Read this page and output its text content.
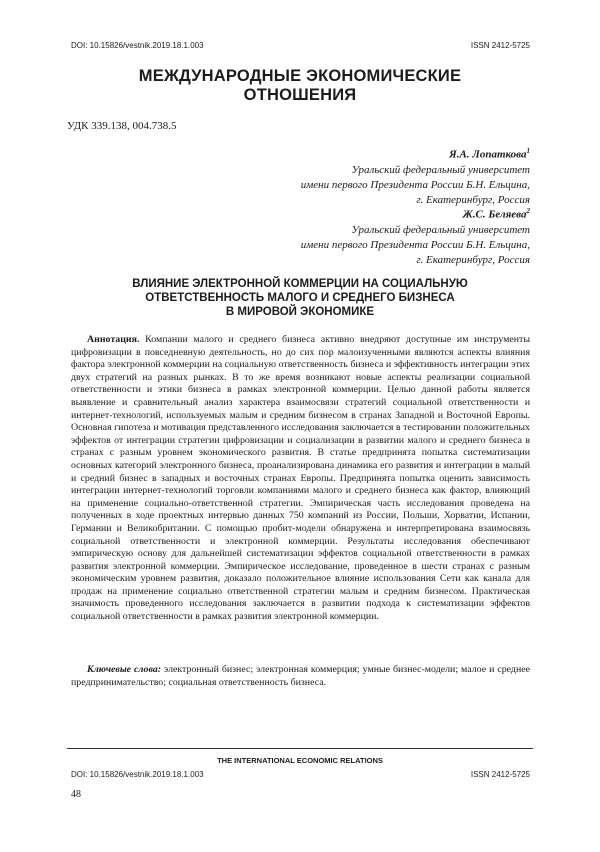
DOI: 10.15826/vestnik.2019.18.1.003	ISSN 2412-5725
МЕЖДУНАРОДНЫЕ ЭКОНОМИЧЕСКИЕ
ОТНОШЕНИЯ
УДК 339.138, 004.738.5
Я.А. Лопаткова1
Уральский федеральный университет
имени первого Президента России Б.Н. Ельцина,
г. Екатеринбург, Россия
Ж.С. Беляева2
Уральский федеральный университет
имени первого Президента России Б.Н. Ельцина,
г. Екатеринбург, Россия
ВЛИЯНИЕ ЭЛЕКТРОННОЙ КОММЕРЦИИ НА СОЦИАЛЬНУЮ
ОТВЕТСТВЕННОСТЬ МАЛОГО И СРЕДНЕГО БИЗНЕСА
В МИРОВОЙ ЭКОНОМИКЕ

Аннотация. Компании малого и среднего бизнеса активно внедряют доступные им инструменты цифровизации в повседневную деятельность, но до сих пор малоизученными являются аспекты влияния фактора электронной коммерции на социальную ответственность бизнеса и эффективность интеграции этих двух стратегий на разных рынках. В то же время возникают новые аспекты реализации социальной ответственности и этики бизнеса в рамках электронной коммерции. Целью данной работы является выявление и сравнительный анализ характера взаимосвязи стратегий социальной ответственности и интернет-технологий, используемых малым и средним бизнесом в странах Западной и Восточной Европы. Основная гипотеза и мотивация представленного исследования заключается в тестировании положительных эффектов от интеграции стратегии цифровизации и социализации в развитии малого и среднего бизнеса в странах с разным уровнем экономического развития. В статье предпринята попытка систематизации основных категорий электронного бизнеса, проанализирована динамика его развития и интеграции в малый и средний бизнес в западных и восточных странах Европы. Предпринята попытка оценить зависимость интеграции интернет-технологий торговли компаниями малого и среднего бизнеса как фактор, влияющий на применение социально-ответственной стратегии. Эмпирическая часть исследования проведена на полученных в ходе проектных интервью данных 750 компаний из России, Польши, Хорватии, Испании, Германии и Великобритании. С помощью пробит-модели обнаружена и интерпретирована взаимосвязь социальной ответственности и электронной коммерции. Результаты исследования обеспечивают эмпирическую основу для дальнейшей систематизации эффектов социальной ответственности в рамках развития электронной коммерции. Эмпирическое исследование, проведенное в шести странах с разным экономическим уровнем развития, доказало положительное влияние использования Сети как канала для продаж на применение социально ответственной стратегии малым и средним бизнесом. Практическая значимость проведенного исследования заключается в развитии подхода к систематизации эффектов социальной ответственности в рамках развития электронной коммерции.

Ключевые слова: электронный бизнес; электронная коммерция; умные бизнес-модели; малое и среднее предпринимательство; социальная ответственность бизнеса.

THE INTERNATIONAL ECONOMIC RELATIONS
DOI: 10.15826/vestnik.2019.18.1.003	ISSN 2412-5725
48
